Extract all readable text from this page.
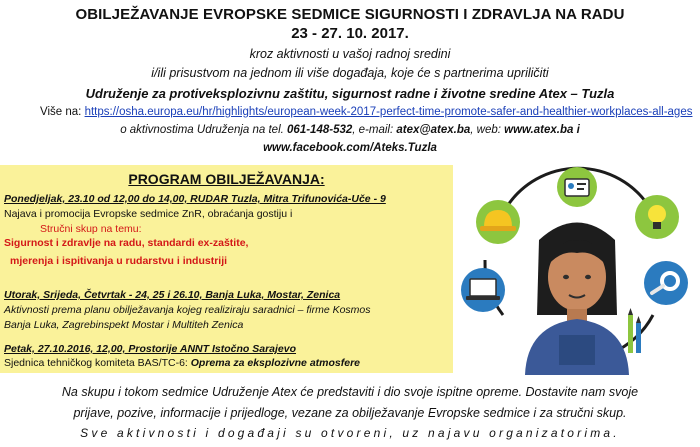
OBILJEŽAVANJE EVROPSKE SEDMICE SIGURNOSTI I ZDRAVLJA NA RADU
23 - 27. 10. 2017.
kroz aktivnosti u vašoj radnoj sredini
i/ili prisustvom na jednom ili više događaja, koje će s partnerima upriličiti
Udruženje za protiveksplozivnu zaštitu, sigurnost radne i životne sredine Atex – Tuzla
Više na: https://osha.europa.eu/hr/highlights/european-week-2017-perfect-time-promote-safer-and-healthier-workplaces-all-ages
o aktivnostima Udruženja na tel. 061-148-532, e-mail: atex@atex.ba, web: www.atex.ba i
www.facebook.com/Ateks.Tuzla
PROGRAM OBILJEŽAVANJA:
Ponedjeljak, 23.10 od 12,00 do 14,00, RUDAR Tuzla, Mitra Trifunovića-Uče - 9
Najava i promocija Evropske sedmice ZnR, obraćanja gostiju i
Stručni skup na temu:
Sigurnost i zdravlje na radu, standardi ex-zaštite,
mjerenja i ispitivanja u rudarstvu i industriji
Utorak, Srijeda, Četvrtak - 24, 25 i 26.10, Banja Luka, Mostar, Zenica
Aktivnosti prema planu obilježavanja kojeg realiziraju saradnici – firme Kosmos
Banja Luka, Zagrebinspekt Mostar i Multiteh Zenica
Petak, 27.10.2016, 12,00, Prostorije ANNT Istočno Sarajevo
Sjednica tehničkog komiteta BAS/TC-6: Oprema za eksplozivne atmosfere
Na skupu i tokom sedmice Udruženje Atex će predstaviti i dio svoje ispitne opreme. Dostavite nam svoje
prijave, pozive, informacije i prijedloge, vezane za obilježavanje Evropske sedmice i za stručni skup.
Sve aktivnosti i događaji su otvoreni, uz najavu organizatorima.
